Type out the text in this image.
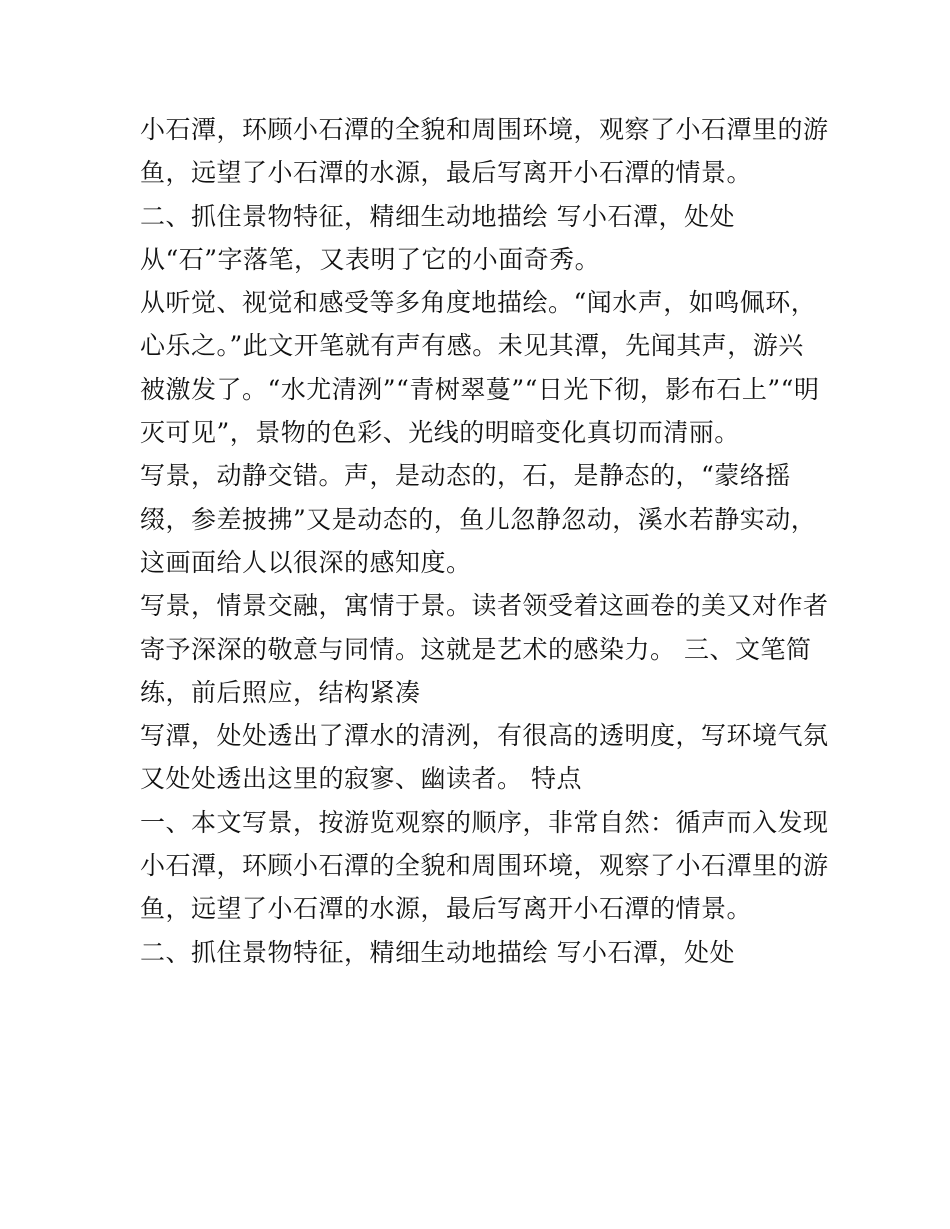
小石潭，环顾小石潭的全貌和周围环境，观察了小石潭里的游
鱼，远望了小石潭的水源，最后写离开小石潭的情景。
二、抓住景物特征，精细生动地描绘 写小石潭，处处
从“石”字落笔，又表明了它的小面奇秀。
从听觉、视觉和感受等多角度地描绘。“闻水声，如鸣佩环，
心乐之。”此文开笔就有声有感。未见其潭，先闻其声，游兴
被激发了。“水尤清洌”“青树翠蔓”“日光下彻，影布石上”“明
灭可见”，景物的色彩、光线的明暗变化真切而清丽。
写景，动静交错。声，是动态的，石，是静态的，“蒙络摇
缀，参差披拂”又是动态的，鱼儿忽静忽动，溪水若静实动，
这画面给人以很深的感知度。
写景，情景交融，寓情于景。读者领受着这画卷的美又对作者
寄予深深的敬意与同情。这就是艺术的感染力。 三、文笔简
练，前后照应，结构紧凑
写潭，处处透出了潭水的清洌，有很高的透明度，写环境气氛
又处处透出这里的寂寥、幽读者。 特点
一、本文写景，按游览观察的顺序，非常自然：循声而入发现
小石潭，环顾小石潭的全貌和周围环境，观察了小石潭里的游
鱼，远望了小石潭的水源，最后写离开小石潭的情景。
二、抓住景物特征，精细生动地描绘 写小石潭，处处
